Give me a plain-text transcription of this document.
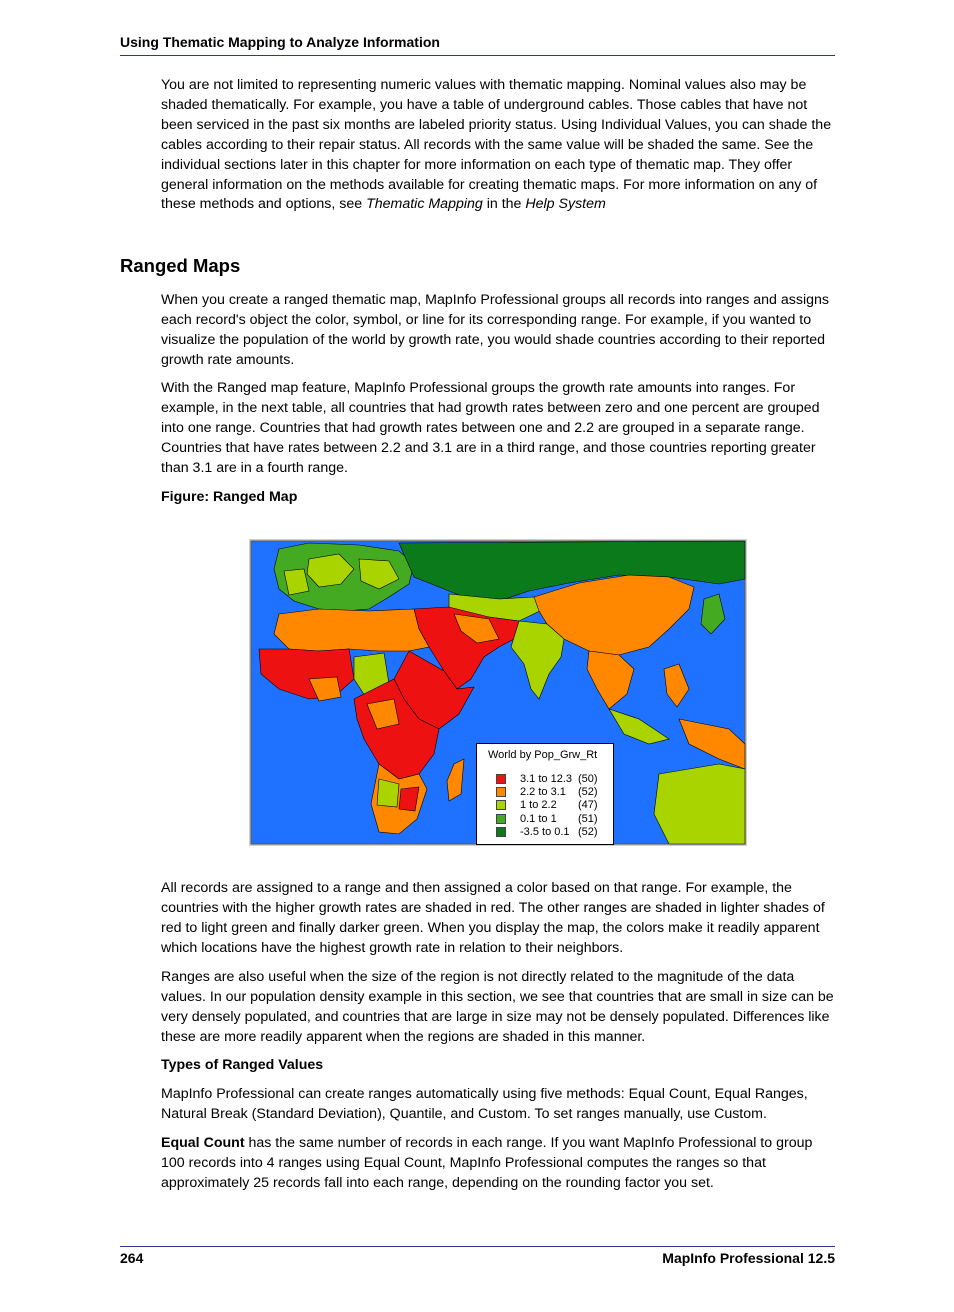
Using Thematic Mapping to Analyze Information

You are not limited to representing numeric values with thematic mapping. Nominal values also may be shaded thematically. For example, you have a table of underground cables. Those cables that have not been serviced in the past six months are labeled priority status. Using Individual Values, you can shade the cables according to their repair status. All records with the same value will be shaded the same. See the individual sections later in this chapter for more information on each type of thematic map. They offer general information on the methods available for creating thematic maps. For more information on any of these methods and options, see Thematic Mapping in the Help System

Ranged Maps

When you create a ranged thematic map, MapInfo Professional groups all records into ranges and assigns each record's object the color, symbol, or line for its corresponding range. For example, if you wanted to visualize the population of the world by growth rate, you would shade countries according to their reported growth rate amounts.

With the Ranged map feature, MapInfo Professional groups the growth rate amounts into ranges. For example, in the next table, all countries that had growth rates between zero and one percent are grouped into one range. Countries that had growth rates between one and 2.2 are grouped in a separate range. Countries that have rates between 2.2 and 3.1 are in a third range, and those countries reporting greater than 3.1 are in a fourth range.

Figure: Ranged Map

World by Pop_Grw_Rt
3.1 to 12.3 (50)
2.2 to 3.1 (52)
1 to 2.2 (47)
0.1 to 1 (51)
-3.5 to 0.1 (52)

All records are assigned to a range and then assigned a color based on that range. For example, the countries with the higher growth rates are shaded in red. The other ranges are shaded in lighter shades of red to light green and finally darker green. When you display the map, the colors make it readily apparent which locations have the highest growth rate in relation to their neighbors.

Ranges are also useful when the size of the region is not directly related to the magnitude of the data values. In our population density example in this section, we see that countries that are small in size can be very densely populated, and countries that are large in size may not be densely populated. Differences like these are more readily apparent when the regions are shaded in this manner.

Types of Ranged Values

MapInfo Professional can create ranges automatically using five methods: Equal Count, Equal Ranges, Natural Break (Standard Deviation), Quantile, and Custom. To set ranges manually, use Custom.

Equal Count has the same number of records in each range. If you want MapInfo Professional to group 100 records into 4 ranges using Equal Count, MapInfo Professional computes the ranges so that approximately 25 records fall into each range, depending on the rounding factor you set.

264	MapInfo Professional 12.5
